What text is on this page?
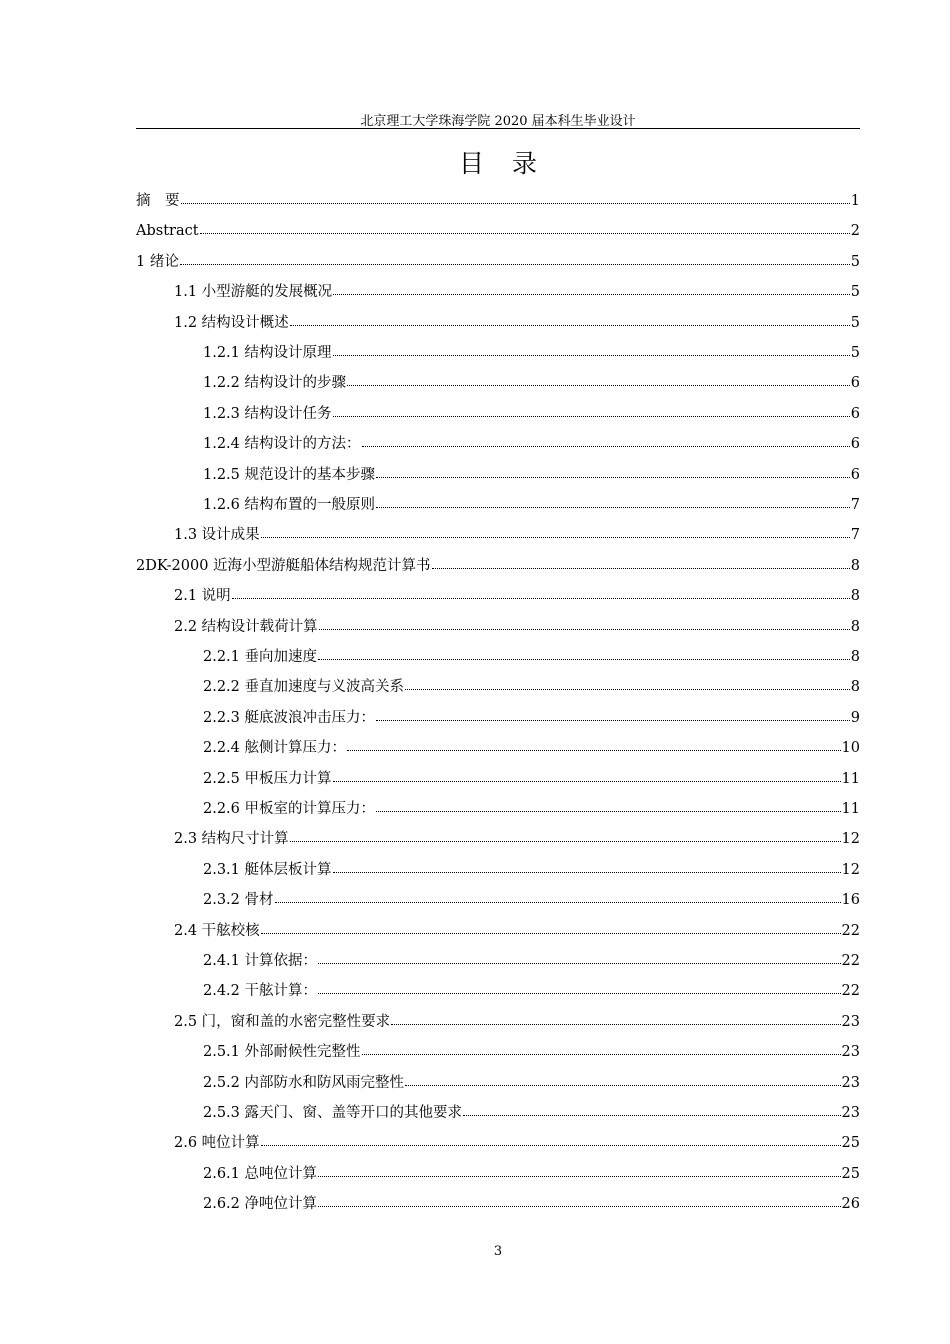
北京理工大学珠海学院 2020 届本科生毕业设计
目 录
摘　要	1
Abstract	2
1 绪论	5
1.1 小型游艇的发展概况	5
1.2 结构设计概述	5
1.2.1 结构设计原理	5
1.2.2 结构设计的步骤	6
1.2.3 结构设计任务	6
1.2.4 结构设计的方法：	6
1.2.5 规范设计的基本步骤	6
1.2.6 结构布置的一般原则	7
1.3 设计成果	7
2DK-2000 近海小型游艇船体结构规范计算书	8
2.1 说明	8
2.2 结构设计载荷计算	8
2.2.1 垂向加速度	8
2.2.2 垂直加速度与义波高关系	8
2.2.3 艇底波浪冲击压力：	9
2.2.4 舷侧计算压力：	10
2.2.5 甲板压力计算	11
2.2.6 甲板室的计算压力：	11
2.3 结构尺寸计算	12
2.3.1 艇体层板计算	12
2.3.2 骨材	16
2.4 干舷校核	22
2.4.1 计算依据：	22
2.4.2 干舷计算：	22
2.5 门，窗和盖的水密完整性要求	23
2.5.1 外部耐候性完整性	23
2.5.2 内部防水和防风雨完整性	23
2.5.3 露天门、窗、盖等开口的其他要求	23
2.6 吨位计算	25
2.6.1 总吨位计算	25
2.6.2 净吨位计算	26
3
